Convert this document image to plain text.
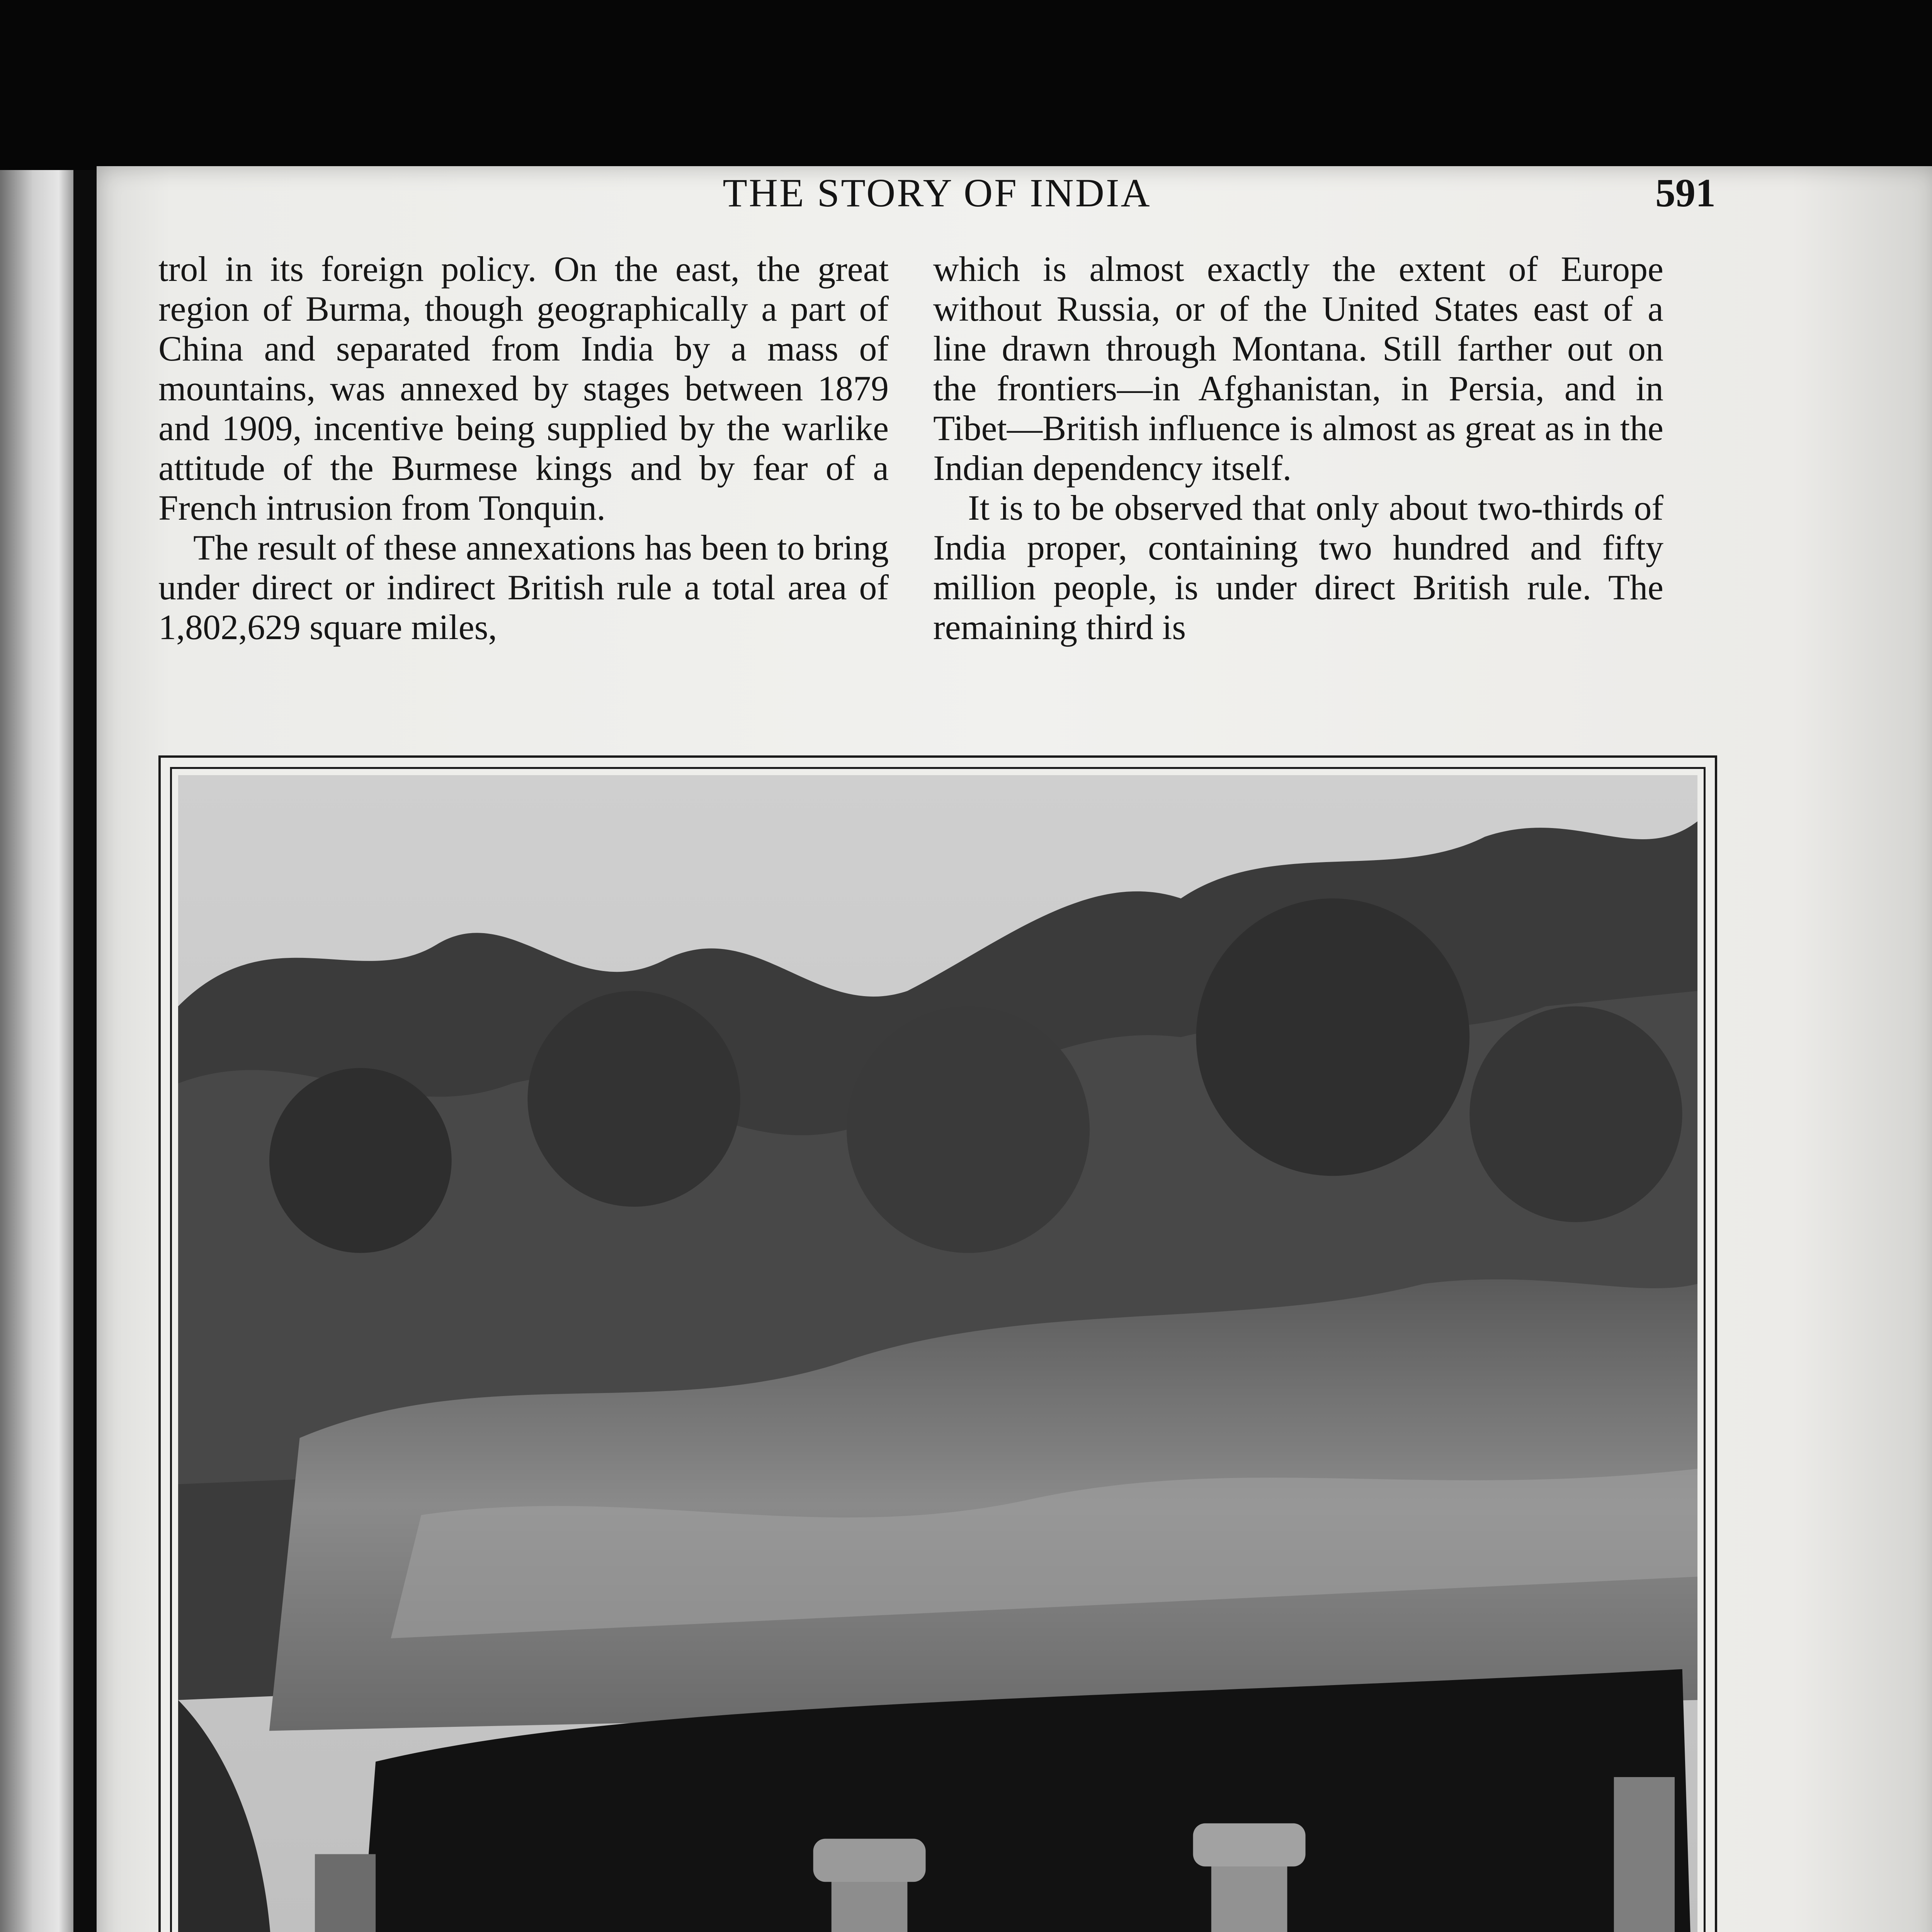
THE STORY OF INDIA	591

trol in its foreign policy. On the east, the great region of Burma, though geographically a part of China and separated from India by a mass of mountains, was annexed by stages between 1879 and 1909, incentive being supplied by the warlike attitude of the Burmese kings and by fear of a French intrusion from Tonquin.

The result of these annexations has been to bring under direct or indirect British rule a total area of 1,802,629 square miles,

which is almost exactly the extent of Europe without Russia, or of the United States east of a line drawn through Montana. Still farther out on the frontiers—in Afghanistan, in Persia, and in Tibet—British influence is almost as great as in the Indian dependency itself.

It is to be observed that only about two-thirds of India proper, containing two hundred and fifty million people, is under direct British rule. The remaining third is
